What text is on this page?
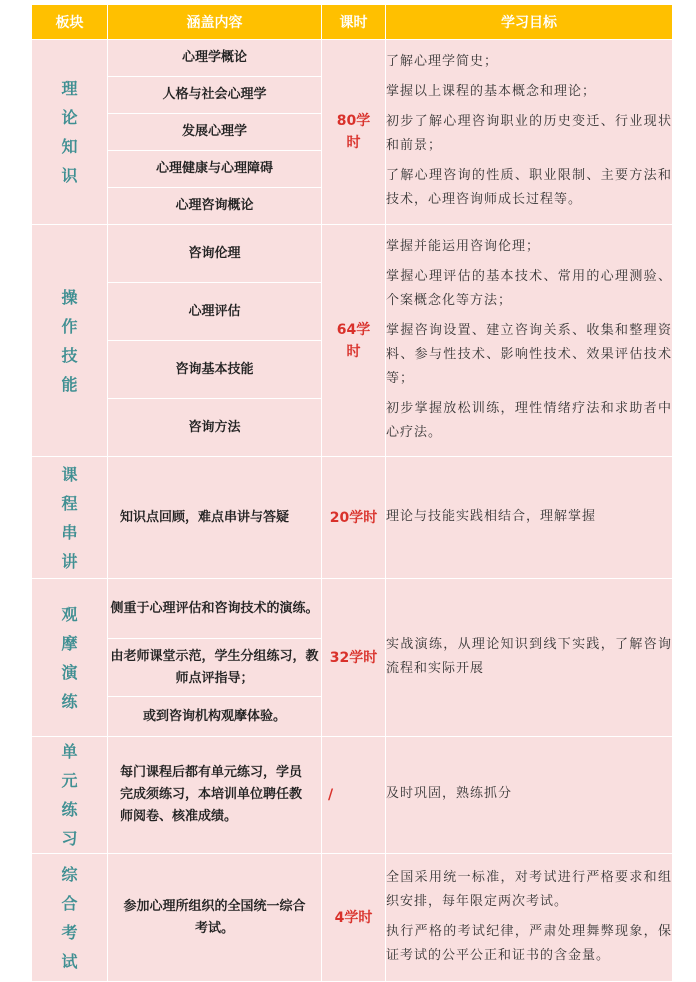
板块	涵盖内容	课时	学习目标
理论知识	心理学概论	80学时	了解心理学简史；

掌握以上课程的基本概念和理论；

初步了解心理咨询职业的历史变迁、行业现状和前景；

了解心理咨询的性质、职业限制、主要方法和技术，心理咨询师成长过程等。

	人格与社会心理学		
	发展心理学		
	心理健康与心理障碍		
	心理咨询概论		
操作技能	咨询伦理	64学时	掌握并能运用咨询伦理；

掌握心理评估的基本技术、常用的心理测验、个案概念化等方法；

掌握咨询设置、建立咨询关系、收集和整理资料、参与性技术、影响性技术、效果评估技术等；

初步掌握放松训练，理性情绪疗法和求助者中心疗法。

	心理评估		
	咨询基本技能		
	咨询方法		
课程串讲	知识点回顾，难点串讲与答疑	20学时	理论与技能实践相结合，理解掌握

观摩演练	侧重于心理评估和咨询技术的演练。	32学时	实战演练，从理论知识到线下实践，了解咨询流程和实际开展

	由老师课堂示范，学生分组练习，教师点评指导；		
	或到咨询机构观摩体验。		
单元练习	每门课程后都有单元练习，学员完成须练习，本培训单位聘任教师阅卷、核准成绩。	/	及时巩固，熟练抓分

综合考试	参加心理所组织的全国统一综合考试。	4学时	全国采用统一标准，对考试进行严格要求和组织安排，每年限定两次考试。

执行严格的考试纪律，严肃处理舞弊现象，保证考试的公平公正和证书的含金量。
